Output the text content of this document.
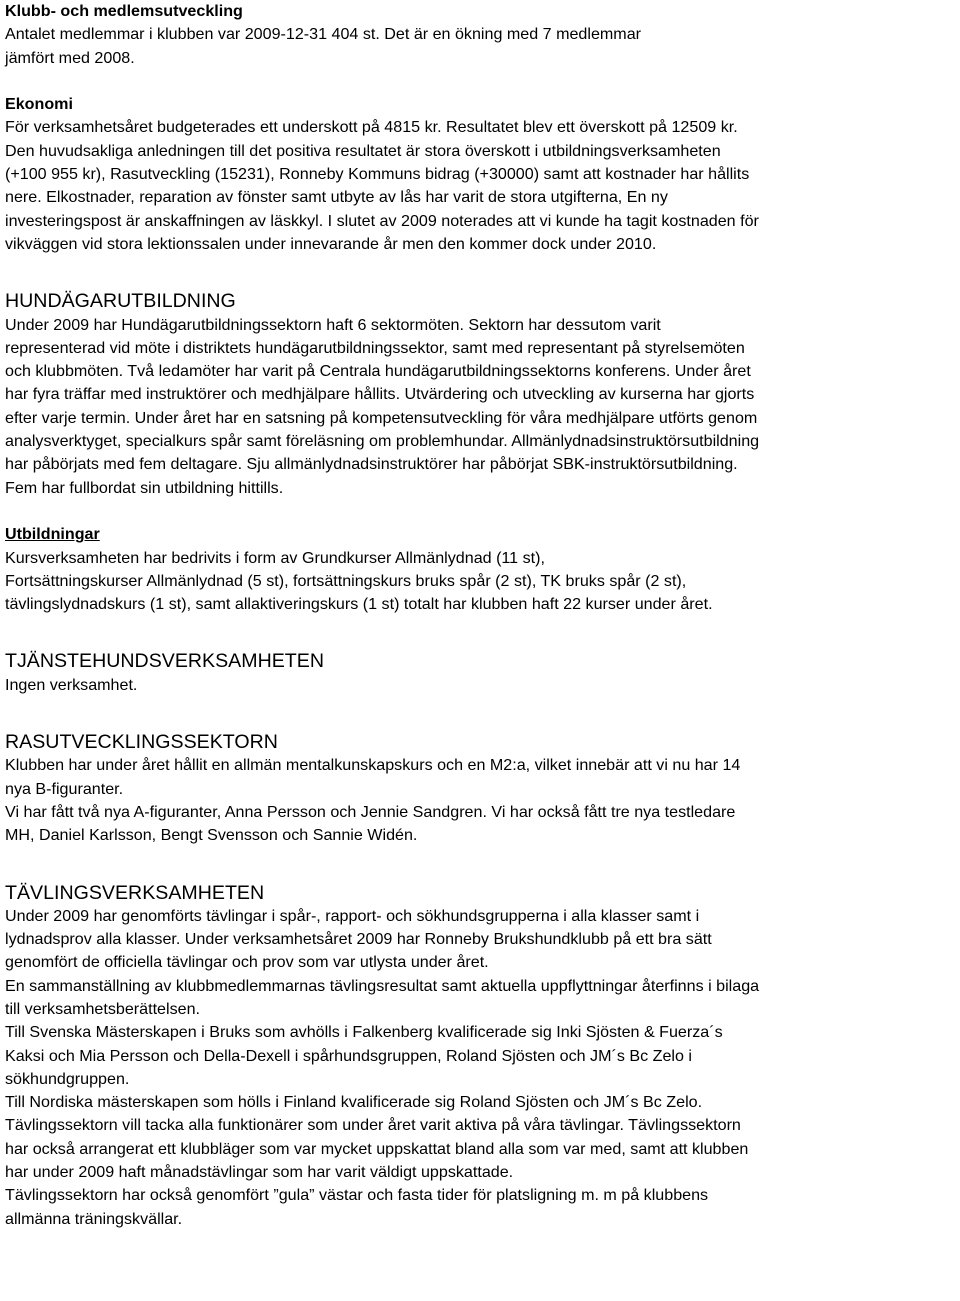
Klubb- och medlemsutveckling

Antalet medlemmar i klubben var 2009-12-31 404 st. Det är en ökning med 7 medlemmar
jämfört med 2008.

Ekonomi

För verksamhetsåret budgeterades ett underskott på 4815 kr. Resultatet blev ett överskott på 12509 kr.
Den huvudsakliga anledningen till det positiva resultatet är stora överskott i utbildningsverksamheten
(+100 955 kr), Rasutveckling (15231), Ronneby Kommuns bidrag (+30000) samt att kostnader har hållits
nere. Elkostnader, reparation av fönster samt utbyte av lås har varit de stora utgifterna, En ny
investeringspost är anskaffningen av läskkyl. I slutet av 2009 noterades att vi kunde ha tagit kostnaden för
vikväggen vid stora lektionssalen under innevarande år men den kommer dock under 2010.

HUNDÄGARUTBILDNING

Under 2009 har Hundägarutbildningssektorn haft 6 sektormöten. Sektorn har dessutom varit
representerad vid möte i distriktets hundägarutbildningssektor, samt med representant på styrelsemöten
och klubbmöten. Två ledamöter har varit på Centrala hundägarutbildningssektorns konferens. Under året
har fyra träffar med instruktörer och medhjälpare hållits. Utvärdering och utveckling av kurserna har gjorts
efter varje termin. Under året har en satsning på kompetensutveckling för våra medhjälpare utförts genom
analysverktyget, specialkurs spår samt föreläsning om problemhundar. Allmänlydnadsinstruktörsutbildning
har påbörjats med fem deltagare. Sju allmänlydnadsinstruktörer har påbörjat SBK-instruktörsutbildning.
Fem har fullbordat sin utbildning hittills.

Utbildningar

Kursverksamheten har bedrivits i form av Grundkurser Allmänlydnad (11 st),
Fortsättningskurser Allmänlydnad (5 st), fortsättningskurs bruks spår (2 st), TK bruks spår (2 st),
tävlingslydnadskurs (1 st), samt allaktiveringskurs (1 st) totalt har klubben haft 22 kurser under året.

TJÄNSTEHUNDSVERKSAMHETEN

Ingen verksamhet.

RASUTVECKLINGSSEKTORN

Klubben har under året hållit en allmän mentalkunskapskurs och en M2:a, vilket innebär att vi nu har 14
nya B-figuranter.
Vi har fått två nya A-figuranter, Anna Persson och Jennie Sandgren. Vi har också fått tre nya testledare
MH, Daniel Karlsson, Bengt Svensson och Sannie Widén.

TÄVLINGSVERKSAMHETEN

Under 2009 har genomförts tävlingar i spår-, rapport- och sökhundsgrupperna i alla klasser samt i
lydnadsprov alla klasser. Under verksamhetsåret 2009 har Ronneby Brukshundklubb på ett bra sätt
genomfört de officiella tävlingar och prov som var utlysta under året.
En sammanställning av klubbmedlemmarnas tävlingsresultat samt aktuella uppflyttningar återfinns i bilaga
till verksamhetsberättelsen.
Till Svenska Mästerskapen i Bruks som avhölls i Falkenberg kvalificerade sig Inki Sjösten & Fuerza´s
Kaksi och Mia Persson och Della-Dexell i spårhundsgruppen, Roland Sjösten och JM´s Bc Zelo i
sökhundgruppen.
Till Nordiska mästerskapen som hölls i Finland kvalificerade sig Roland Sjösten och JM´s Bc Zelo.
Tävlingssektorn vill tacka alla funktionärer som under året varit aktiva på våra tävlingar. Tävlingssektorn
har också arrangerat ett klubbläger som var mycket uppskattat bland alla som var med, samt att klubben
har under 2009 haft månadstävlingar som har varit väldigt uppskattade.
Tävlingssektorn har också genomfört ”gula” västar och fasta tider för platsligning m. m på klubbens
allmänna träningskvällar.
